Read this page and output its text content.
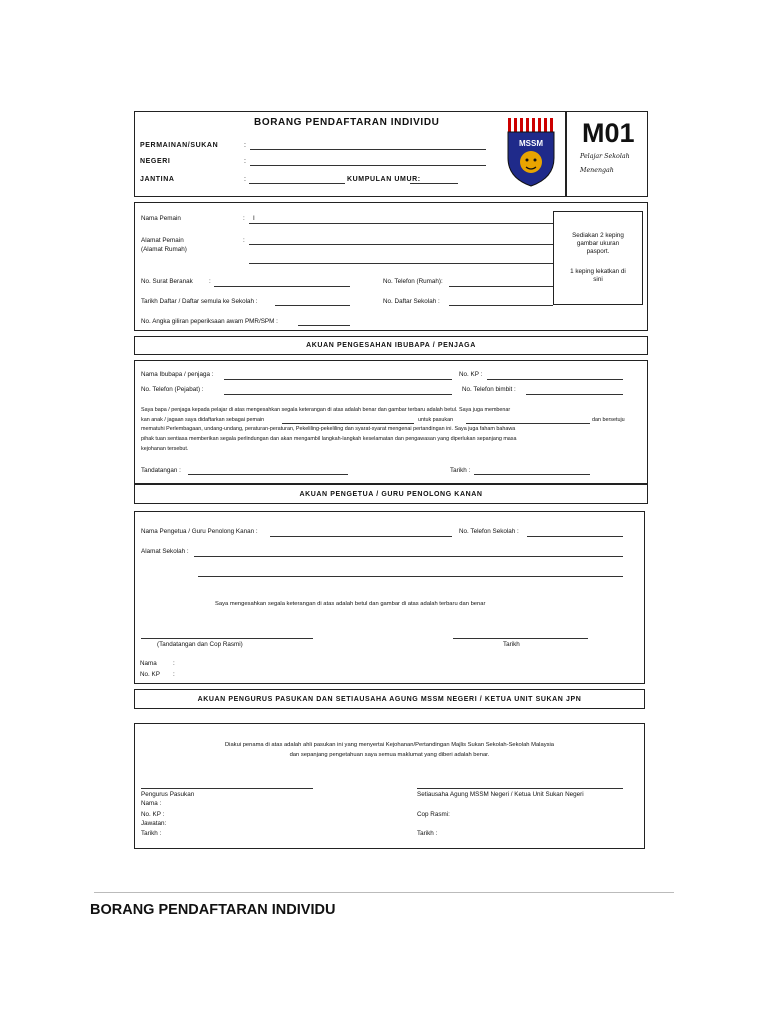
BORANG PENDAFTARAN INDIVIDU
PERMAINAN/SUKAN	:
NEGERI	:
JANTINA	:	KUMPULAN UMUR:
MSSM M01
Pelajar Sekolah
Menengah
Sediakan 2 keping
gambar ukuran
pasport.
1 keping lekatkan di
sini
Nama Pemain	: I
Alamat Pemain
(Alamat Rumah)
:
No. Surat Beranak	:	No. Telefon (Rumah):
Tarikh Daftar / Daftar semula ke Sekolah :	No. Daftar Sekolah :
No. Angka giliran peperiksaan awam PMR/SPM :
AKUAN PENGESAHAN IBUBAPA / PENJAGA
Nama Ibubapa / penjaga :	No. KP :
No. Telefon (Pejabat) :	No. Telefon bimbit :
Saya bapa / penjaga kepada pelajar di atas mengesahkan segala keterangan di atas adalah benar dan gambar terbaru adalah betul. Saya juga membenar
kan anak / jagaan saya didaftarkan sebagai pemain	untuk pasukan	dan bersetuju
mematuhi Perlembagaan, undang-undang, peraturan-peraturan, Pekeliling-pekeliling dan syarat-syarat mengenai pertandingan ini. Saya juga faham bahawa
pihak tuan sentiasa memberikan segala perlindungan dan akan mengambil langkah-langkah keselamatan dan pengawasan yang diperlukan sepanjang masa
kejohanan tersebut.
Tandatangan :	Tarikh :
AKUAN PENGETUA / GURU PENOLONG KANAN
Nama Pengetua / Guru Penolong Kanan :	No. Telefon Sekolah :
Alamat Sekolah :
Saya mengesahkan segala keterangan di atas adalah betul dan gambar di atas adalah terbaru dan benar
(Tandatangan dan Cop Rasmi)	Tarikh
Nama	:
No. KP :
AKUAN PENGURUS PASUKAN DAN SETIAUSAHA AGUNG MSSM NEGERI / KETUA UNIT SUKAN JPN
Diakui penama di atas adalah ahli pasukan ini yang menyertai Kejohanan/Pertandingan Majlis Sukan Sekolah-Sekolah Malaysia
dan sepanjang pengetahuan saya semua maklumat yang diberi adalah benar.
Pengurus Pasukan
Nama :
No. KP :
Jawatan:
Tarikh :
Setiausaha Agung MSSM Negeri / Ketua Unit Sukan Negeri
Cop Rasmi:
Tarikh :
BORANG PENDAFTARAN INDIVIDU
